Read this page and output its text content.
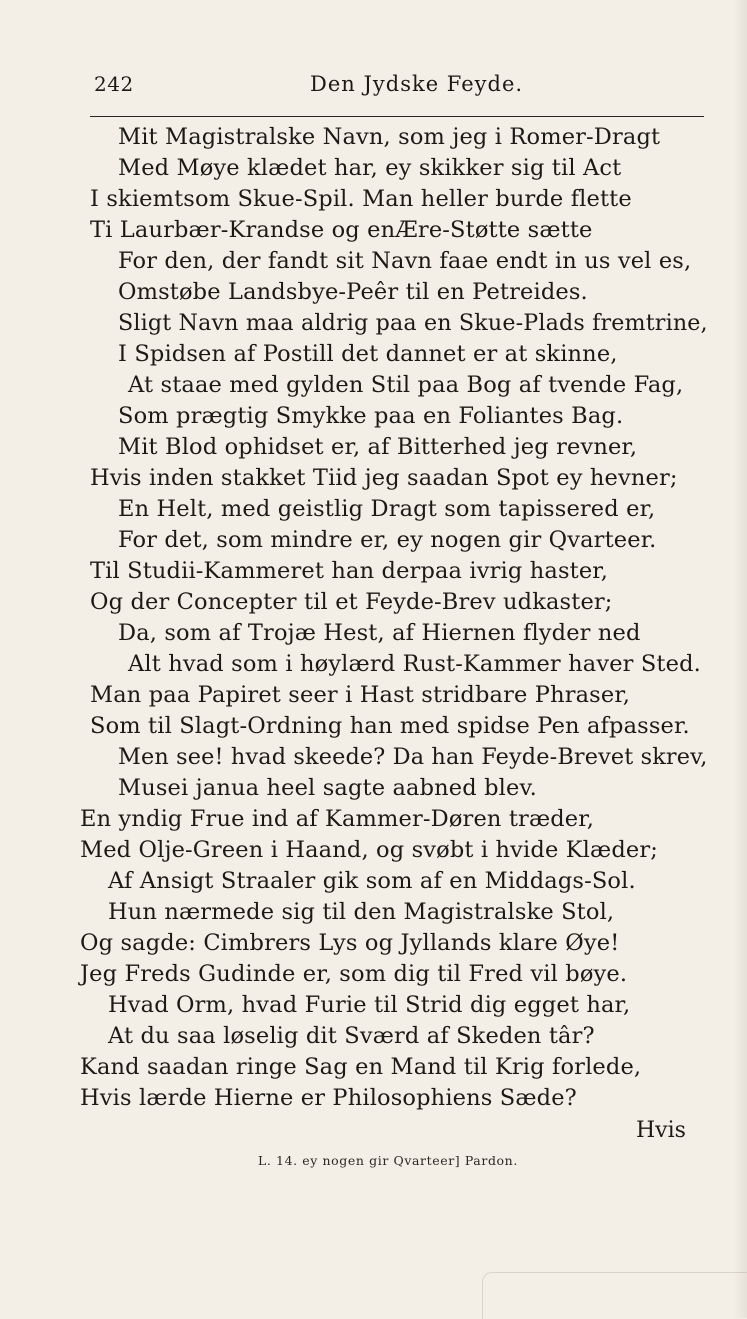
242	Den Jydske Feyde.
Mit Magistralske Navn, som jeg i Romer-Dragt
Med Møye klædet har, ey skikker sig til Act
I skiemtsom Skue-Spil. Man heller burde flette
Ti Laurbær-Krandse og enÆre-Støtte sætte
For den, der fandt sit Navn faae endt in us vel es,
Omstøbe Landsbye-Peêr til en Petreides.
Sligt Navn maa aldrig paa en Skue-Plads fremtrine,
I Spidsen af Postill det dannet er at skinne,
At staae med gylden Stil paa Bog af tvende Fag,
Som prægtig Smykke paa en Foliantes Bag.
Mit Blod ophidset er, af Bitterhed jeg revner,
Hvis inden stakket Tiid jeg saadan Spot ey hevner;
En Helt, med geistlig Dragt som tapissered er,
For det, som mindre er, ey nogen gir Qvarteer.
Til Studii-Kammeret han derpaa ivrig haster,
Og der Concepter til et Feyde-Brev udkaster;
Da, som af Trojæ Hest, af Hiernen flyder ned
Alt hvad som i høylærd Rust-Kammer haver Sted.
Man paa Papiret seer i Hast stridbare Phraser,
Som til Slagt-Ordning han med spidse Pen afpasser.
Men see! hvad skeede? Da han Feyde-Brevet skrev,
Musei janua heel sagte aabned blev.
En yndig Frue ind af Kammer-Døren træder,
Med Olje-Green i Haand, og svøbt i hvide Klæder;
Af Ansigt Straaler gik som af en Middags-Sol.
Hun nærmede sig til den Magistralske Stol,
Og sagde: Cimbrers Lys og Jyllands klare Øye!
Jeg Freds Gudinde er, som dig til Fred vil bøye.
Hvad Orm, hvad Furie til Strid dig egget har,
At du saa løselig dit Sværd af Skeden târ?
Kand saadan ringe Sag en Mand til Krig forlede,
Hvis lærde Hierne er Philosophiens Sæde?
Hvis
L. 14. ey nogen gir Qvarteer] Pardon.
